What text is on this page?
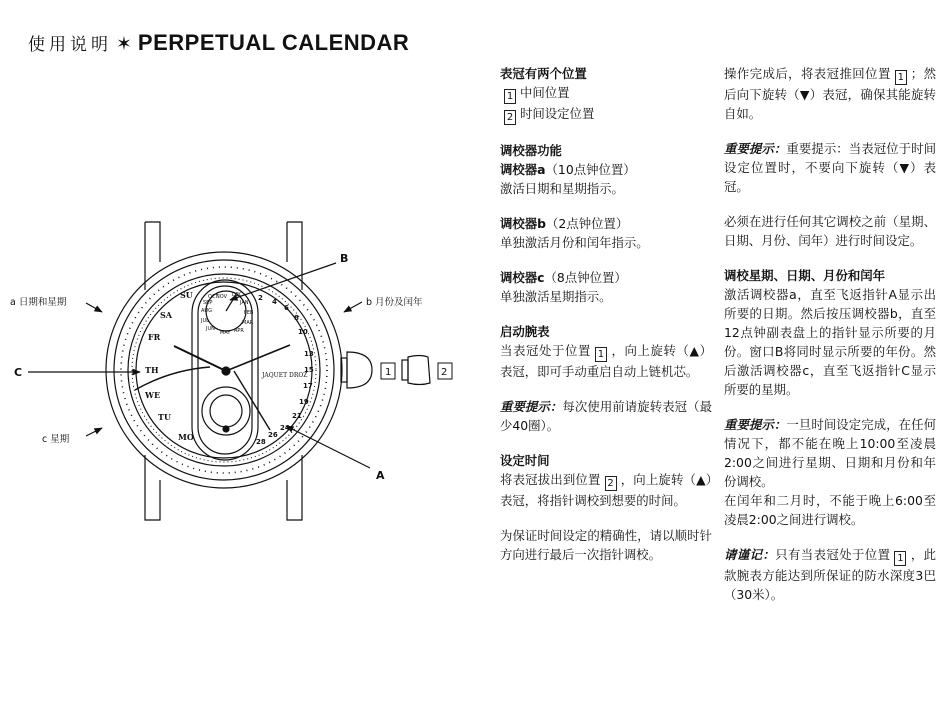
使用说明 ✶ PERPETUAL CALENDAR
TH
FR
SA
SU
MO
TU
WE
NOV DEC
JAN
FEB
MAR
APR
MAY
JUN
JUL
AUG
SEP
OCT	2 4
6
8
10
13
15
17
19
21
24
26
28
JAQUET DROZ
B
A
C
a 日期和星期	b 月份及闰年
c 星期
1	2

表冠有两个位置

1 中间位置

2 时间设定位置

调校器功能

调校器a（10点钟位置）

激活日期和星期指示。

调校器b（2点钟位置）

单独激活月份和闰年指示。

调校器c（8点钟位置）

单独激活星期指示。

启动腕表

当表冠处于位置 1 ，向上旋转（▲）表冠，即可手动重启自动上链机芯。

重要提示：每次使用前请旋转表冠（最少40圈）。

设定时间

将表冠拔出到位置 2 ，向上旋转（▲）表冠，将指针调校到想要的时间。

为保证时间设定的精确性，请以顺时针方向进行最后一次指针调校。

操作完成后，将表冠推回位置 1 ；然后向下旋转（▼）表冠，确保其能旋转自如。

重要提示：重要提示：当表冠位于时间设定位置时，不要向下旋转（▼）表冠。

必须在进行任何其它调校之前（星期、日期、月份、闰年）进行时间设定。

调校星期、日期、月份和闰年

激活调校器a，直至飞返指针A显示出所要的日期。然后按压调校器b，直至12点钟副表盘上的指针显示所要的月份。窗口B将同时显示所要的年份。然后激活调校器c，直至飞返指针C显示所要的星期。

重要提示：一旦时间设定完成，在任何情况下，都不能在晚上10:00至凌晨2:00之间进行星期、日期和月份和年份调校。

在闰年和二月时，不能于晚上6:00至凌晨2:00之间进行调校。

请谨记：只有当表冠处于位置 1 ，此款腕表方能达到所保证的防水深度3巴（30米）。
